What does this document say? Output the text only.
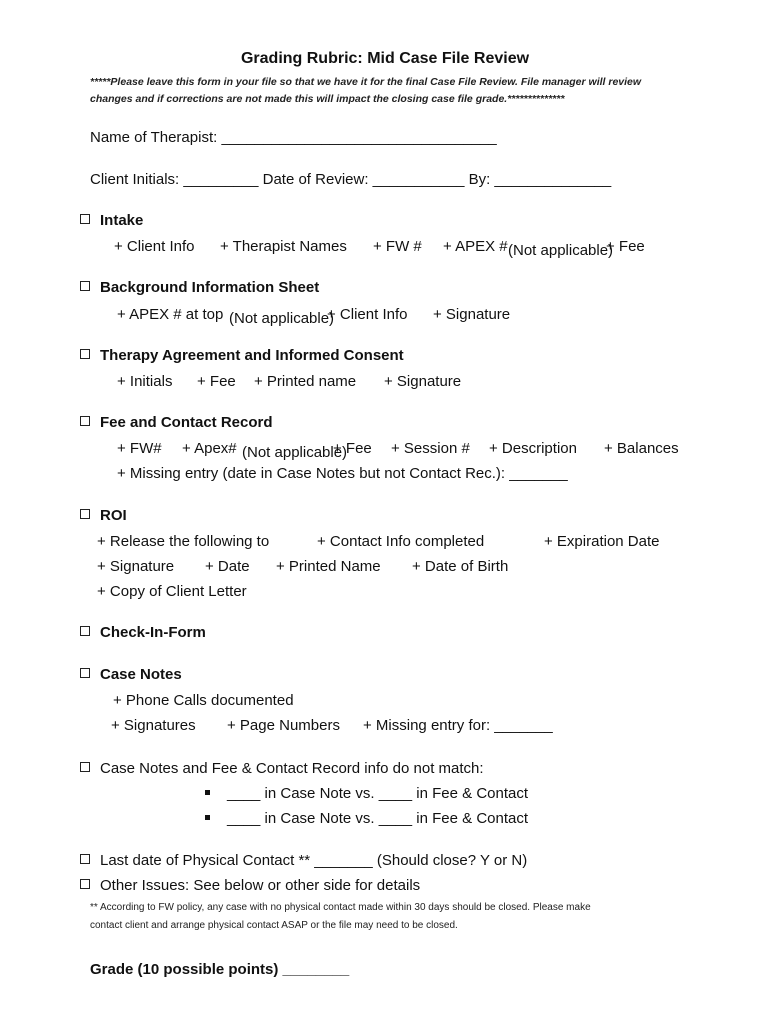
Grading Rubric: Mid Case File Review
*****Please leave this form in your file so that we have it for the final Case File Review. File manager will review
changes and if corrections are not made this will impact the closing case file grade.**************
Name of Therapist: _________________________________
Client Initials: _________ Date of Review: ___________ By: ______________
Intake
+ Client Info + Therapist Names + FW # + APEX # (Not applicable)
+ Fee
Background Information Sheet
+ APEX # at top (Not applicable)
+ Client Info + Signature
Therapy Agreement and Informed Consent
+ Initials + Fee + Printed name + Signature
Fee and Contact Record
+ FW# + Apex# (Not applicable)
+ Fee + Session # + Description + Balances
+ Missing entry (date in Case Notes but not Contact Rec.): _______
ROI
+ Release the following to	+ Contact Info completed	+ Expiration Date
+ Signature + Date + Printed Name + Date of Birth
+ Copy of Client Letter
Check-In-Form
Case Notes
+ Phone Calls documented
+ Signatures + Page Numbers + Missing entry for: _______
Case Notes and Fee & Contact Record info do not match:
____ in Case Note vs. ____ in Fee & Contact
____ in Case Note vs. ____ in Fee & Contact
Last date of Physical Contact ** _______ (Should close? Y or N)
Other Issues: See below or other side for details
** According to FW policy, any case with no physical contact made within 30 days should be closed. Please make
contact client and arrange physical contact ASAP or the file may need to be closed.
Grade (10 possible points) ________
